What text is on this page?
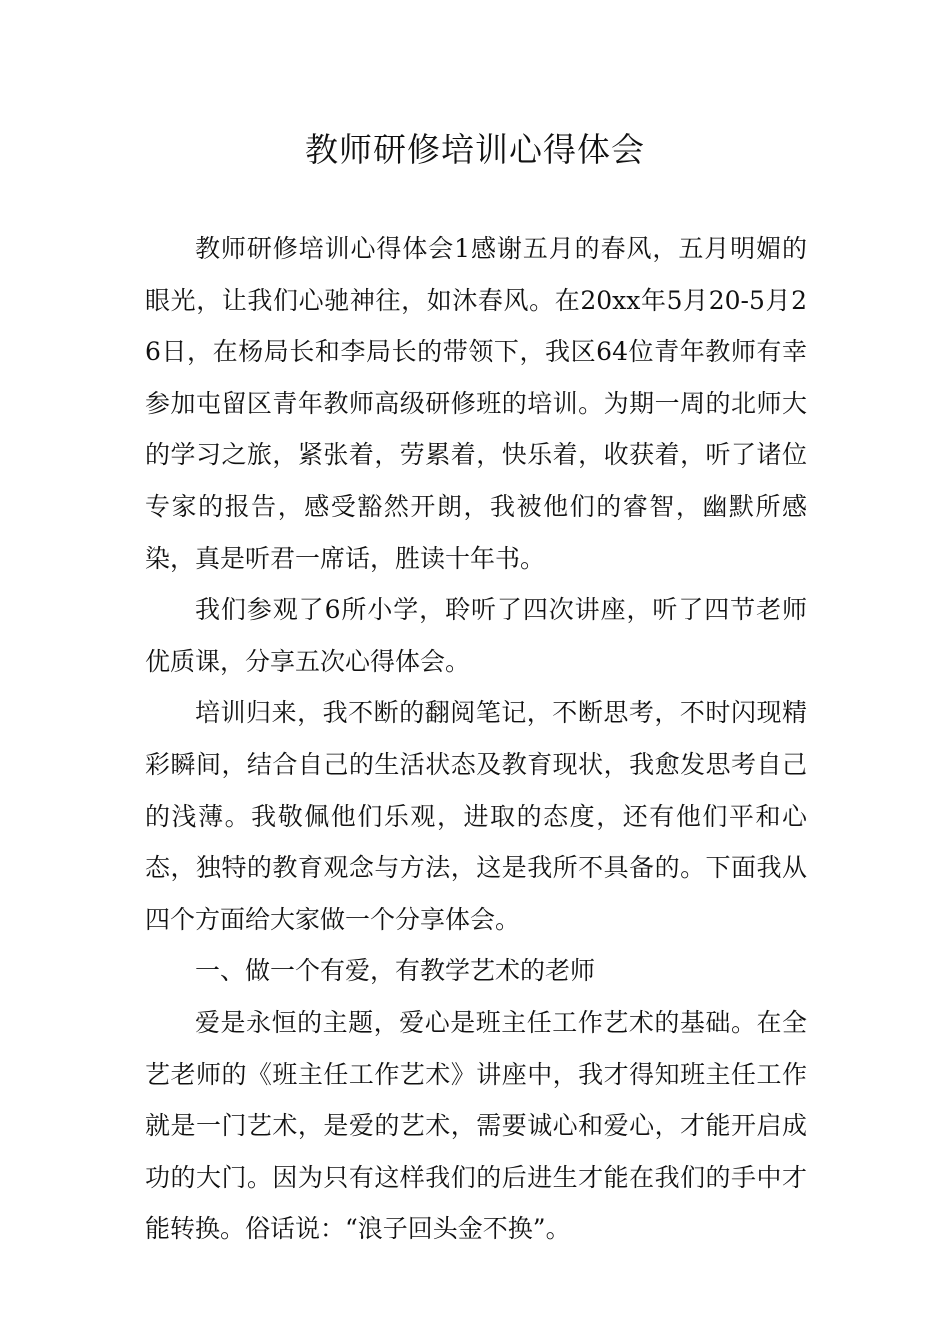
教师研修培训心得体会

教师研修培训心得体会1感谢五月的春风，五月明媚的眼光，让我们心驰神往，如沐春风。在20xx年5月20-5月26日，在杨局长和李局长的带领下，我区64位青年教师有幸参加屯留区青年教师高级研修班的培训。为期一周的北师大的学习之旅，紧张着，劳累着，快乐着，收获着，听了诸位专家的报告，感受豁然开朗，我被他们的睿智，幽默所感染，真是听君一席话，胜读十年书。

我们参观了6所小学，聆听了四次讲座，听了四节老师优质课，分享五次心得体会。

培训归来，我不断的翻阅笔记，不断思考，不时闪现精彩瞬间，结合自己的生活状态及教育现状，我愈发思考自己的浅薄。我敬佩他们乐观，进取的态度，还有他们平和心态，独特的教育观念与方法，这是我所不具备的。下面我从四个方面给大家做一个分享体会。

一、做一个有爱，有教学艺术的老师

爱是永恒的主题，爱心是班主任工作艺术的基础。在全艺老师的《班主任工作艺术》讲座中，我才得知班主任工作就是一门艺术，是爱的艺术，需要诚心和爱心，才能开启成功的大门。因为只有这样我们的后进生才能在我们的手中才能转换。俗话说：“浪子回头金不换”。
